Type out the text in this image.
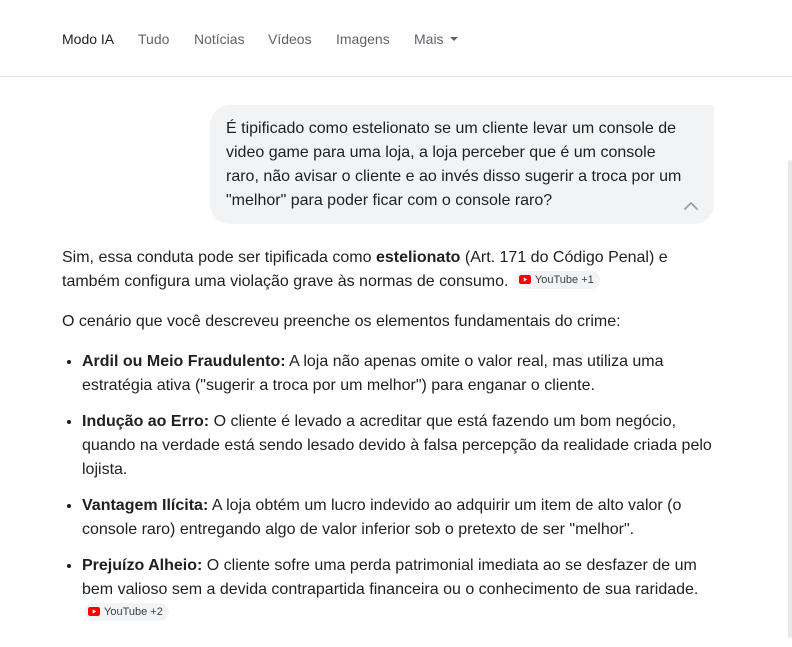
Modo IA Tudo Notícias Vídeos Imagens Mais
É tipificado como estelionato se um cliente levar um console de video game para uma loja, a loja perceber que é um console raro, não avisar o cliente e ao invés disso sugerir a troca por um "melhor" para poder ficar com o console raro?

Sim, essa conduta pode ser tipificada como estelionato (Art. 171 do Código Penal) e também configura uma violação grave às normas de consumo. YouTube +1

O cenário que você descreveu preenche os elementos fundamentais do crime:

• Ardil ou Meio Fraudulento: A loja não apenas omite o valor real, mas utiliza uma estratégia ativa ("sugerir a troca por um melhor") para enganar o cliente.
• Indução ao Erro: O cliente é levado a acreditar que está fazendo um bom negócio, quando na verdade está sendo lesado devido à falsa percepção da realidade criada pelo lojista.
• Vantagem Ilícita: A loja obtém um lucro indevido ao adquirir um item de alto valor (o console raro) entregando algo de valor inferior sob o pretexto de ser "melhor".
• Prejuízo Alheio: O cliente sofre uma perda patrimonial imediata ao se desfazer de um bem valioso sem a devida contrapartida financeira ou o conhecimento de sua raridade.
YouTube +2
